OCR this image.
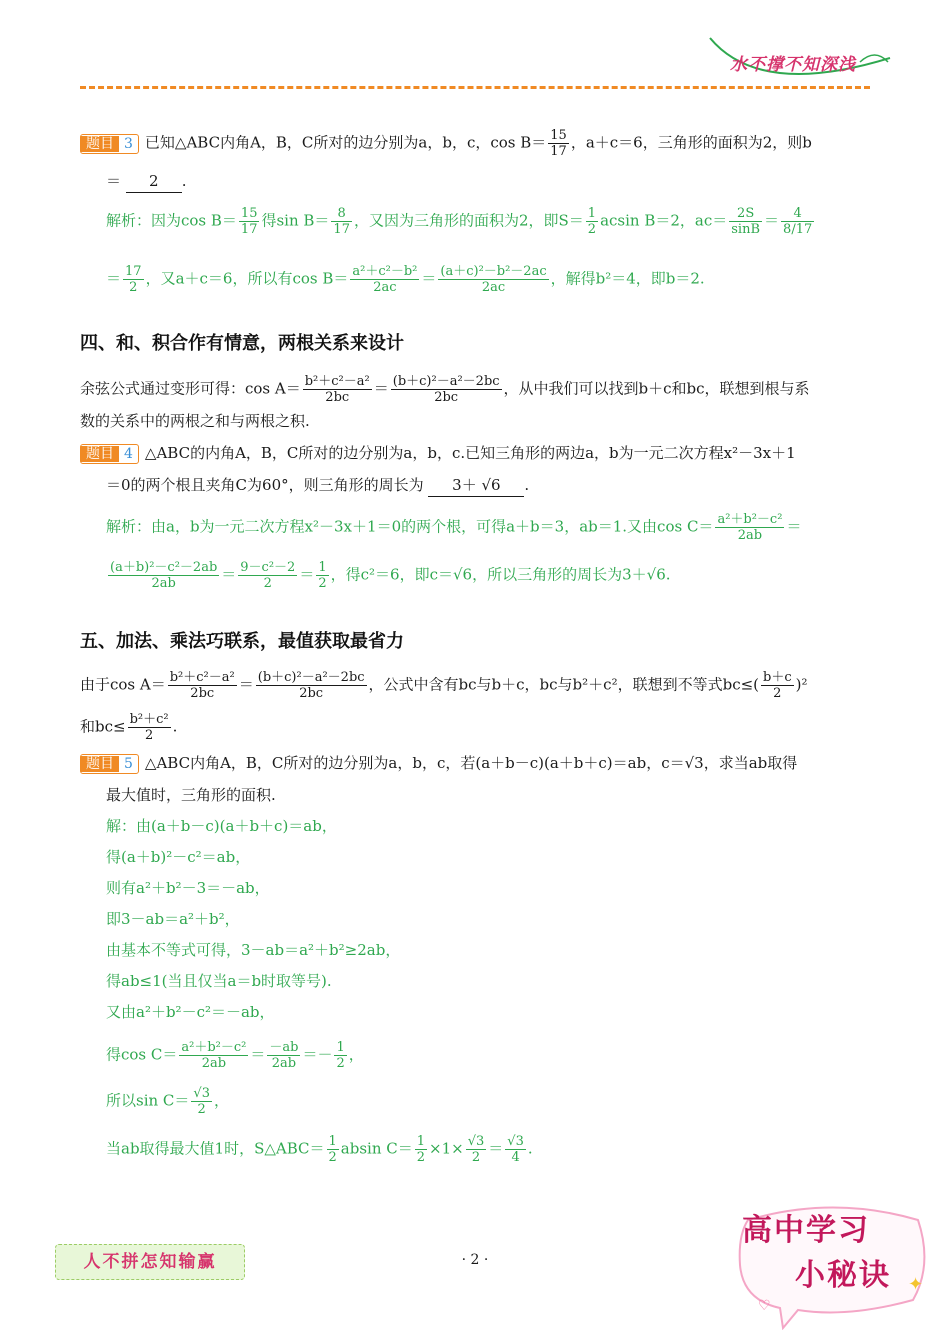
水不撑不知深浅
题目 3 已知△ABC内角A，B，C所对的边分别为a，b，c，$\cos B= \frac{15}{17}$ ，a＋c＝6，三角形的面积为2，则b
＝ 2 .
解析：因为$\cos B= \frac{15}{17}$ 得$\sin B= \frac{8}{17}$ ，又因为三角形的面积为2，即$S= \frac{1}{2}$ acsin B＝2，$ac= \frac{2S}{\sin B} = \frac{4}{8/17}$
＝ $\frac{17}{2}$ ，又a＋c＝6，所以有$\cos B= \frac{\text{a²＋c²－b²}}{2ac} = \frac{\text{(a＋c)²－b²－2ac}}{2ac}$ ，解得b²＝4，即b＝2.
四、和、积合作有情意，两根关系来设计
余弦公式通过变形可得：$\cos A= \frac{\text{b²＋c²－a²}}{2bc} = \frac{\text{(b＋c)²－a²－2bc}}{2bc}$ ，从中我们可以找到b＋c和bc，联想到根与系
数的关系中的两根之和与两根之积.
题目 4 △ABC的内角A，B，C所对的边分别为a，b，c.已知三角形的两边a，b为一元二次方程x²－3x＋1
＝0的两个根且夹角C为60°，则三角形的周长为 3＋ √6 .
解析：由a，b为一元二次方程x²－3x＋1＝0的两个根，可得a＋b＝3，ab＝1.又由$\cos C= \frac{\text{a²＋b²－c²}}{2ab}$ ＝
$\frac{\text{(a＋b)²－c²－2ab}}{2ab} = \frac{\text{9－c²－2}}{2} = \frac{1}{2}$ ，得c²＝6，即c＝√6，所以三角形的周长为3＋√6.
五、加法、乘法巧联系，最值获取最省力
由于$\cos A= \frac{\text{b²＋c²－a²}}{2bc} = \frac{\text{(b＋c)²－a²－2bc}}{2bc}$ ，公式中含有bc与b＋c，bc与b²＋c²，联想到不等式$bc\le( \frac{b+c}{2} )^2$
和$bc\le \frac{\text{b²＋c²}}{2}$ .
题目 5 △ABC内角A，B，C所对的边分别为a，b，c，若(a＋b－c)(a＋b＋c)＝ab，c＝√3，求当ab取得
最大值时，三角形的面积.
解：由(a＋b－c)(a＋b＋c)＝ab，
得(a＋b)²－c²＝ab，
则有a²＋b²－3＝－ab，
即3－ab＝a²＋b²，
由基本不等式可得，3－ab＝a²＋b²≥2ab，
得ab≤1(当且仅当a＝b时取等号).
又由a²＋b²－c²＝－ab，
得$\cos C= \frac{\text{a²＋b²－c²}}{2ab} = \frac{-ab}{2ab} =- \frac{1}{2}$ ，
所以$\sin C= \frac{√3}{2}$ ，
当ab取得最大值1时，S△ABC＝ $\frac{1}{2}$ absin $C= \frac{1}{2} \times 1\times \frac{√3}{2} = \frac{√3}{4}$ .
人不拼怎知输赢	· 2 ·
♡
✦
高中学习
小秘诀
